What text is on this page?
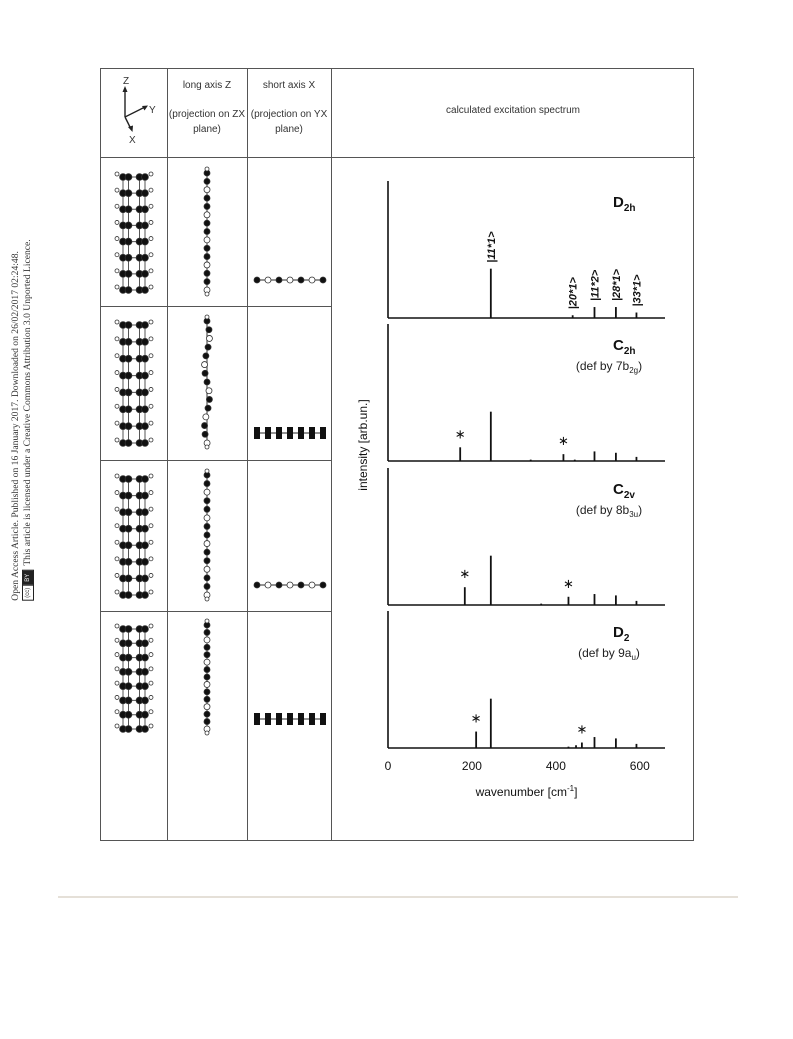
Open Access Article. Published on 16 January 2017. Downloaded on 26/02/2017 02:24:48. (cc)
BY
This article is licensed under a Creative Commons Attribution 3.0 Unported Licence.
Z
Y
X

long axis Z

(projection on ZX plane)

short axis X

(projection on YX plane)

calculated excitation spectrum

$D_{2h}$
|11*1>
|20*1> |11*2> |28*1> |33*1>
∗	∗
$C_{2h}$
(def by $7b_{2g}$)
∗
∗
$C_{2v}$
(def by $8b_{3u}$)
∗
∗
$D_2$
(def by $9a_u$)
0	200	400	600
wavenumber $[cm^{-1}]$
intensity [arb.un.]
